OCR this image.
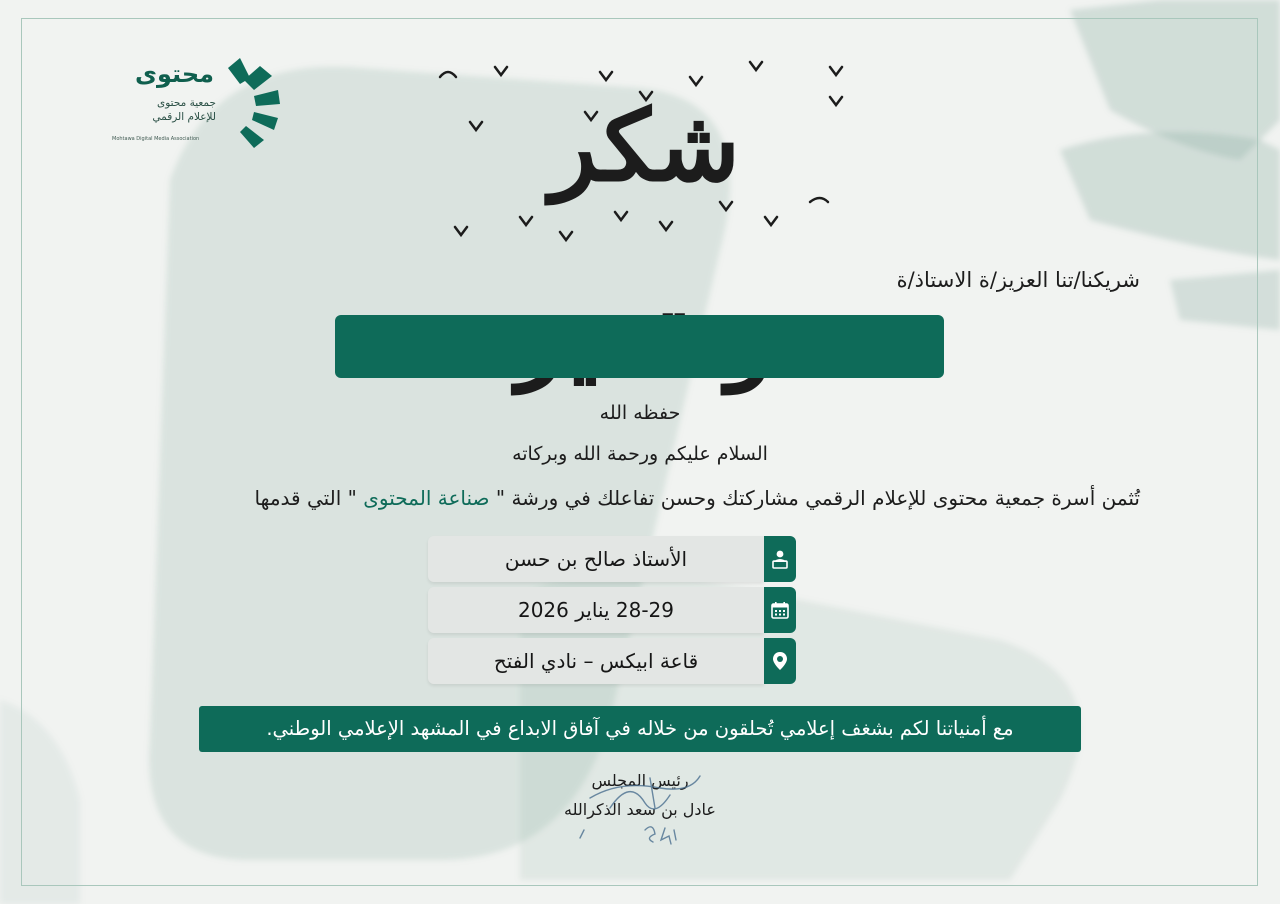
محتوى
جمعية محتوى
للإعلام الرقمي
Mohtawa Digital Media Association	شكر
شريكنا/تنا العزيز/ة الاستاذ/ة
حفظه الله
السلام عليكم ورحمة الله وبركاته
تُثمن أسرة جمعية محتوى للإعلام الرقمي مشاركتك وحسن تفاعلك في ورشة " صناعة المحتوى " التي قدمها
الأستاذ صالح بن حسن
28-29 يناير 2026
قاعة ابيكس – نادي الفتح
مع أمنياتنا لكم بشغف إعلامي تُحلقون من خلاله في آفاق الابداع في المشهد الإعلامي الوطني.
رئيس المجلس
عادل بن سعد الذكرالله
